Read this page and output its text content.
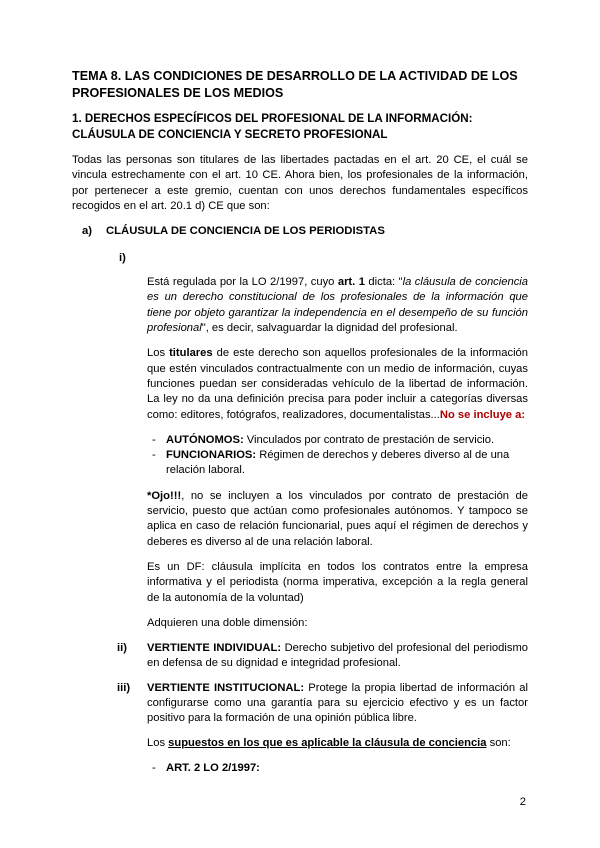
TEMA 8. LAS CONDICIONES DE DESARROLLO DE LA ACTIVIDAD DE LOS PROFESIONALES DE LOS MEDIOS
1. DERECHOS ESPECÍFICOS DEL PROFESIONAL DE LA INFORMACIÓN: CLÁUSULA DE CONCIENCIA Y SECRETO PROFESIONAL

Todas las personas son titulares de las libertades pactadas en el art. 20 CE, el cuál se vincula estrechamente con el art. 10 CE. Ahora bien, los profesionales de la información, por pertenecer a este gremio, cuentan con unos derechos fundamentales específicos recogidos en el art. 20.1 d) CE que son:

a)	CLÁUSULA DE CONCIENCIA DE LOS PERIODISTAS
i)

Está regulada por la LO 2/1997, cuyo art. 1 dicta: "la cláusula de conciencia es un derecho constitucional de los profesionales de la información que tiene por objeto garantizar la independencia en el desempeño de su función profesional", es decir, salvaguardar la dignidad del profesional.

Los titulares de este derecho son aquellos profesionales de la información que estén vinculados contractualmente con un medio de información, cuyas funciones puedan ser consideradas vehículo de la libertad de información. La ley no da una definición precisa para poder incluir a categorías diversas como: editores, fotógrafos, realizadores, documentalistas...No se incluye a:

- AUTÓNOMOS: Vinculados por contrato de prestación de servicio.
- FUNCIONARIOS: Régimen de derechos y deberes diverso al de una relación laboral.

*Ojo!!!, no se incluyen a los vinculados por contrato de prestación de servicio, puesto que actúan como profesionales autónomos. Y tampoco se aplica en caso de relación funcionarial, pues aquí el régimen de derechos y deberes es diverso al de una relación laboral.

Es un DF: cláusula implícita en todos los contratos entre la empresa informativa y el periodista (norma imperativa, excepción a la regla general de la autonomía de la voluntad)

Adquieren una doble dimensión:

ii)	VERTIENTE INDIVIDUAL: Derecho subjetivo del profesional del periodismo en defensa de su dignidad e integridad profesional.
iii)	VERTIENTE INSTITUCIONAL: Protege la propia libertad de información al configurarse como una garantía para su ejercicio efectivo y es un factor positivo para la formación de una opinión pública libre.

Los supuestos en los que es aplicable la cláusula de conciencia son:

- ART. 2 LO 2/1997:
2
